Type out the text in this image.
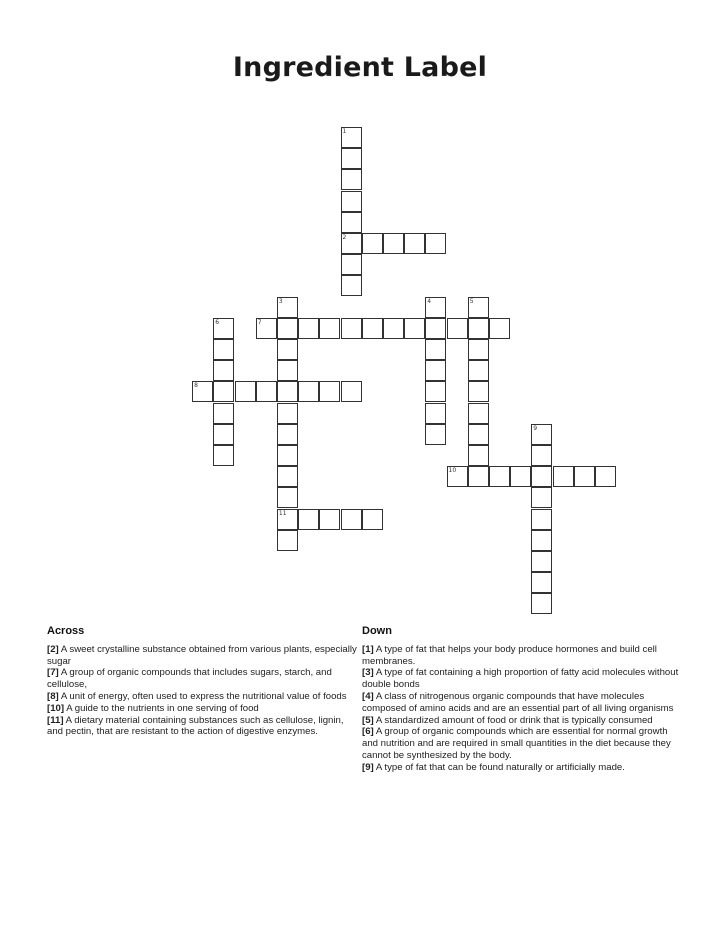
Ingredient Label
1
2
3	4	5
6	7
8
9
10
11
Across
[2] A sweet crystalline substance obtained from various plants, especially sugar
[7] A group of organic compounds that includes sugars, starch, and cellulose,
[8] A unit of energy, often used to express the nutritional value of foods
[10] A guide to the nutrients in one serving of food
[11] A dietary material containing substances such as cellulose, lignin, and pectin, that are resistant to the action of digestive enzymes.
Down
[1] A type of fat that helps your body produce hormones and build cell membranes.
[3] A type of fat containing a high proportion of fatty acid molecules without double bonds
[4] A class of nitrogenous organic compounds that have molecules composed of amino acids and are an essential part of all living organisms
[5] A standardized amount of food or drink that is typically consumed
[6] A group of organic compounds which are essential for normal growth and nutrition and are required in small quantities in the diet because they cannot be synthesized by the body.
[9] A type of fat that can be found naturally or artificially made.
